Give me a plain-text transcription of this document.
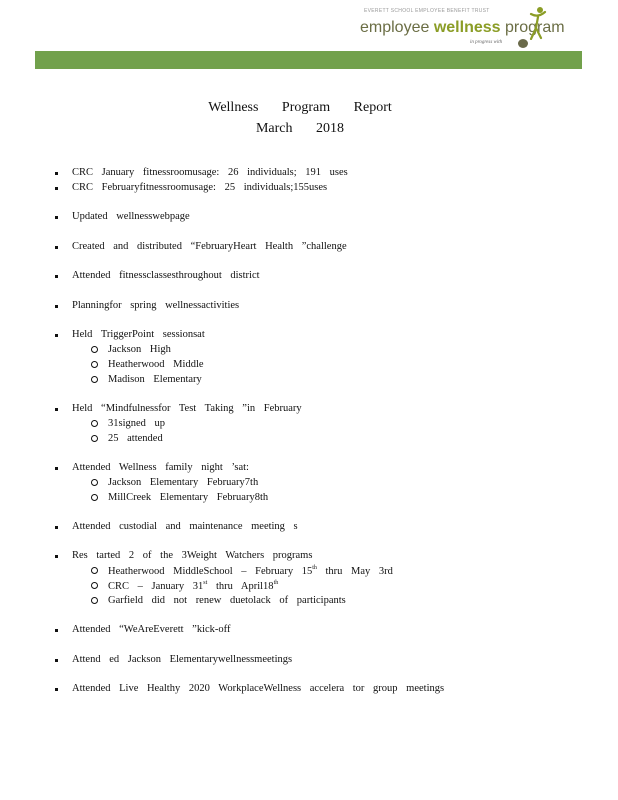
EVERETT SCHOOL EMPLOYEE BENEFIT TRUST
employee wellness program
in progress with
Wellness Program Report
March 2018
CRC January fitnessroomusage: 26 individuals; 191 uses
CRC Februaryfitnessroomusage: 25 individuals;155uses
Updated wellnesswebpage
Created and distributed “FebruaryHeart Health ”challenge
Attended fitnessclassesthroughout district
Planningfor spring wellnessactivities
Held TriggerPoint sessionsat
Held “Mindfulnessfor Test Taking ”in February
Attended Wellness family night ’sat:
Attended custodial and maintenance meeting s
Res tarted 2 of the 3Weight Watchers programs
Attended “WeAreEverett ”kick-off
Attend ed Jackson Elementarywellnessmeetings
Attended Live Healthy 2020 WorkplaceWellness accelera tor group meetings
Jackson High
Heatherwood Middle
Madison Elementary
31signed up
25 attended
Jackson Elementary February7th
MillCreek Elementary February8th
Heatherwood MiddleSchool – February 15th thru May 3rd
CRC – January 31st thru April18th
Garfield did not renew duetolack of participants
